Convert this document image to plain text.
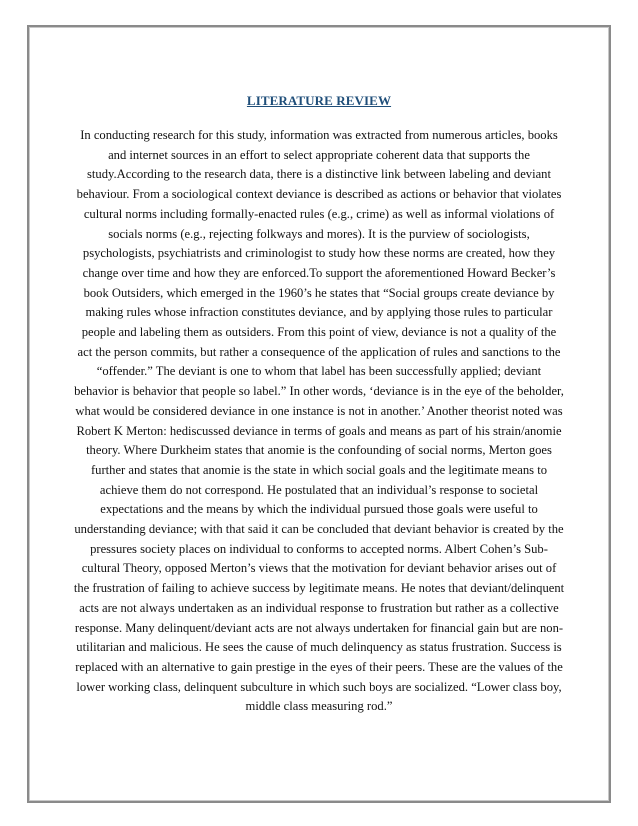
LITERATURE REVIEW
In conducting research for this study, information was extracted from numerous articles, books
and internet sources in an effort to select appropriate coherent data that supports the
study.According to the research data, there is a distinctive link between labeling and deviant
behaviour. From a sociological context deviance is described as actions or behavior that violates
cultural norms including formally-enacted rules (e.g., crime) as well as informal violations of
socials norms (e.g., rejecting folkways and mores). It is the purview of sociologists,
psychologists, psychiatrists and criminologist to study how these norms are created, how they
change over time and how they are enforced.To support the aforementioned Howard Becker’s
book Outsiders, which emerged in the 1960’s he states that “Social groups create deviance by
making rules whose infraction constitutes deviance, and by applying those rules to particular
people and labeling them as outsiders. From this point of view, deviance is not a quality of the
act the person commits, but rather a consequence of the application of rules and sanctions to the
“offender.” The deviant is one to whom that label has been successfully applied; deviant
behavior is behavior that people so label.” In other words, ‘deviance is in the eye of the beholder,
what would be considered deviance in one instance is not in another.’ Another theorist noted was
Robert K Merton: hediscussed deviance in terms of goals and means as part of his strain/anomie
theory. Where Durkheim states that anomie is the confounding of social norms, Merton goes
further and states that anomie is the state in which social goals and the legitimate means to
achieve them do not correspond. He postulated that an individual’s response to societal
expectations and the means by which the individual pursued those goals were useful to
understanding deviance; with that said it can be concluded that deviant behavior is created by the
pressures society places on individual to conforms to accepted norms. Albert Cohen’s Sub-
cultural Theory, opposed Merton’s views that the motivation for deviant behavior arises out of
the frustration of failing to achieve success by legitimate means. He notes that deviant/delinquent
acts are not always undertaken as an individual response to frustration but rather as a collective
response. Many delinquent/deviant acts are not always undertaken for financial gain but are non-
utilitarian and malicious. He sees the cause of much delinquency as status frustration. Success is
replaced with an alternative to gain prestige in the eyes of their peers. These are the values of the
lower working class, delinquent subculture in which such boys are socialized. “Lower class boy,
middle class measuring rod.”
